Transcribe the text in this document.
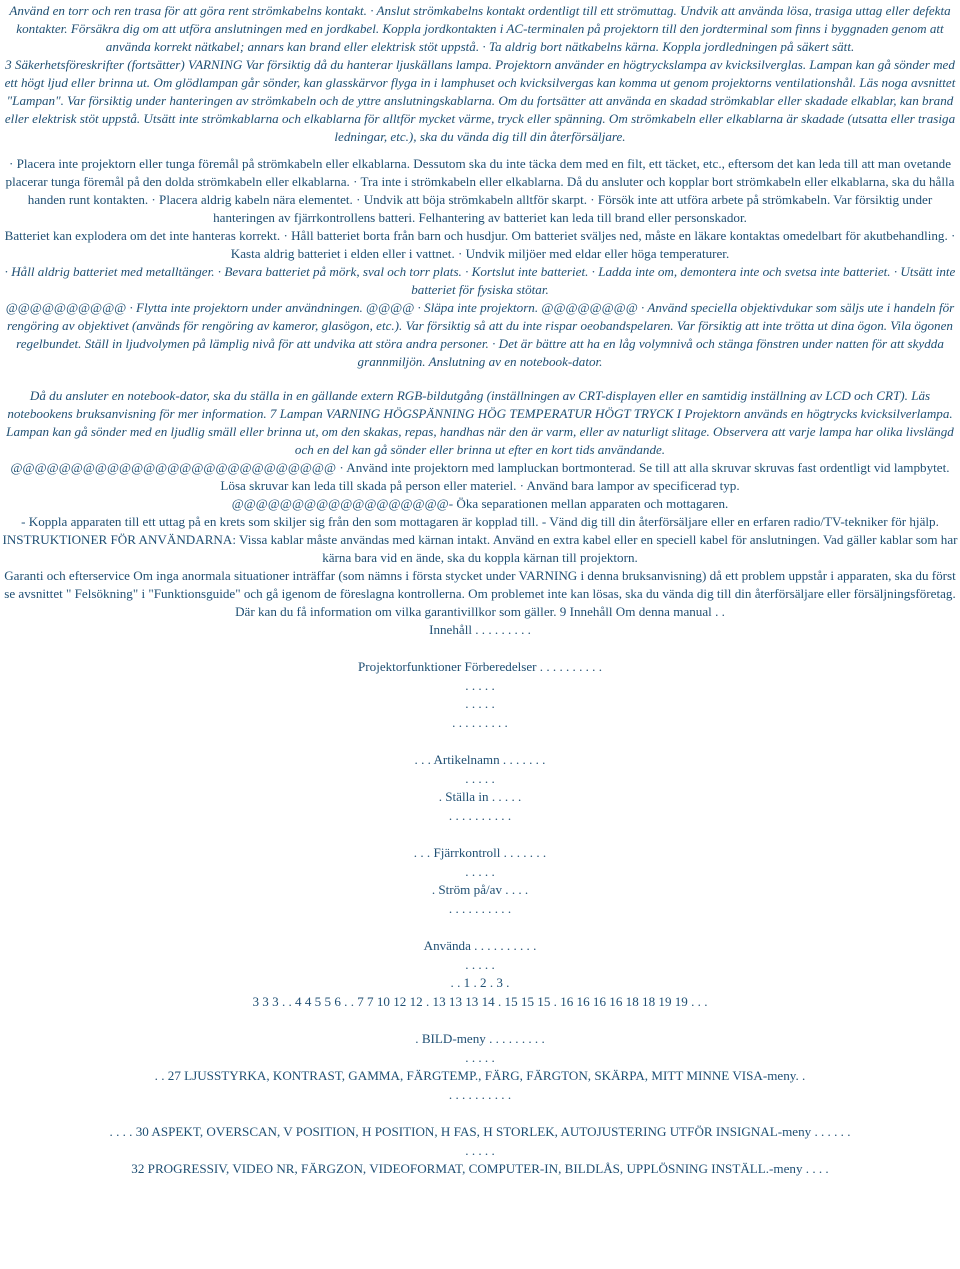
Använd en torr och ren trasa för att göra rent strömkabelns kontakt. · Anslut strömkabelns kontakt ordentligt till ett strömuttag. Undvik att använda lösa, trasiga uttag eller defekta kontakter. Försäkra dig om att utföra anslutningen med en jordkabel. Koppla jordkontakten i AC-terminalen på projektorn till den jordterminal som finns i byggnaden genom att använda korrekt nätkabel; annars kan brand eller elektrisk stöt uppstå. · Ta aldrig bort nätkabelns kärna. Koppla jordledningen på säkert sätt.

3 Säkerhetsföreskrifter (fortsätter) VARNING Var försiktig då du hanterar ljuskällans lampa. Projektorn använder en högtryckslampa av kvicksilverglas. Lampan kan gå sönder med ett högt ljud eller brinna ut. Om glödlampan går sönder, kan glasskärvor flyga in i lamphuset och kvicksilvergas kan komma ut genom projektorns ventilationshål. Läs noga avsnittet "Lampan". Var försiktig under hanteringen av strömkabeln och de yttre anslutningskablarna. Om du fortsätter att använda en skadad strömkablar eller skadade elkablar, kan brand eller elektrisk stöt uppstå. Utsätt inte strömkablarna och elkablarna för alltför mycket värme, tryck eller spänning. Om strömkabeln eller elkablarna är skadade (utsatta eller trasiga ledningar, etc.), ska du vända dig till din återförsäljare.

· Placera inte projektorn eller tunga föremål på strömkabeln eller elkablarna. Dessutom ska du inte täcka dem med en filt, ett täcket, etc., eftersom det kan leda till att man ovetande placerar tunga föremål på den dolda strömkabeln eller elkablarna. · Tra inte i strömkabeln eller elkablarna. Då du ansluter och kopplar bort strömkabeln eller elkablarna, ska du hålla handen runt kontakten. · Placera aldrig kabeln nära elementet. · Undvik att böja strömkabeln alltför skarpt. · Försök inte att utföra arbete på strömkabeln. Var försiktig under hanteringen av fjärrkontrollens batteri. Felhantering av batteriet kan leda till brand eller personskador.

Batteriet kan explodera om det inte hanteras korrekt. · Håll batteriet borta från barn och husdjur. Om batteriet sväljes ned, måste en läkare kontaktas omedelbart för akutbehandling. · Kasta aldrig batteriet i elden eller i vattnet. · Undvik miljöer med eldar eller höga temperaturer.

· Håll aldrig batteriet med metalltänger. · Bevara batteriet på mörk, sval och torr plats. · Kortslut inte batteriet. · Ladda inte om, demontera inte och svetsa inte batteriet. · Utsätt inte batteriet för fysiska stötar.

@@@@@@@@@@ · Flytta inte projektorn under användningen. @@@@ · Släpa inte projektorn. @@@@@@@@ · Använd speciella objektivdukar som säljs ute i handeln för rengöring av objektivet (används för rengöring av kameror, glasögon, etc.). Var försiktig så att du inte rispar oeobandspelaren. Var försiktig att inte trötta ut dina ögon. Vila ögonen regelbundet. Ställ in ljudvolymen på lämplig nivå för att undvika att störa andra personer. · Det är bättre att ha en låg volymnivå och stänga fönstren under natten för att skydda grannmiljön. Anslutning av en notebook-dator.

Då du ansluter en notebook-dator, ska du ställa in en gällande extern RGB-bildutgång (inställningen av CRT-displayen eller en samtidig inställning av LCD och CRT). Läs notebookens bruksanvisning för mer information. 7 Lampan VARNING HÖGSPÄNNING HÖG TEMPERATUR HÖGT TRYCK I Projektorn används en högtrycks kvicksilverlampa. Lampan kan gå sönder med en ljudlig smäll eller brinna ut, om den skakas, repas, handhas när den är varm, eller av naturligt slitage. Observera att varje lampa har olika livslängd och en del kan gå sönder eller brinna ut efter en kort tids användande.

@@@@@@@@@@@@@@@@@@@@@@@@@@@ · Använd inte projektorn med lampluckan bortmonterad. Se till att alla skruvar skruvas fast ordentligt vid lampbytet. Lösa skruvar kan leda till skada på person eller materiel. · Använd bara lampor av specificerad typ.

@@@@@@@@@@@@@@@@@@- Öka separationen mellan apparaten och mottagaren.

- Koppla apparaten till ett uttag på en krets som skiljer sig från den som mottagaren är kopplad till. - Vänd dig till din återförsäljare eller en erfaren radio/TV-tekniker för hjälp. INSTRUKTIONER FÖR ANVÄNDARNA: Vissa kablar måste användas med kärnan intakt. Använd en extra kabel eller en speciell kabel för anslutningen. Vad gäller kablar som har kärna bara vid en ände, ska du koppla kärnan till projektorn.

Garanti och efterservice Om inga anormala situationer inträffar (som nämns i första stycket under VARNING i denna bruksanvisning) då ett problem uppstår i apparaten, ska du först se avsnittet " Felsökning" i "Funktionsguide" och gå igenom de föreslagna kontrollerna. Om problemet inte kan lösas, ska du vända dig till din återförsäljare eller försäljningsföretag. Där kan du få information om vilka garantivillkor som gäller. 9 Innehåll Om denna manual . .

Innehåll . . . . . . . . .

Projektorfunktioner Förberedelser . . . . . . . . . .

. . . . .

. . . . .

. . . . . . . . .

. . . Artikelnamn . . . . . . .

. . . . .

. Ställa in . . . . .

. . . . . . . . . .

. . . Fjärrkontroll . . . . . . .

. . . . .

. Ström på/av . . . .

. . . . . . . . . .

Använda . . . . . . . . . .

. . . . .

. . 1 . 2 . 3 .

3 3 3 . . 4 4 5 5 6 . . 7 7 10 12 12 . 13 13 13 14 . 15 15 15 . 16 16 16 16 18 18 19 19 . . .

. BILD-meny . . . . . . . . .

. . . . .

. . 27 LJUSSTYRKA, KONTRAST, GAMMA, FÄRGTEMP., FÄRG, FÄRGTON, SKÄRPA, MITT MINNE VISA-meny. .

. . . . . . . . . .

. . . . 30 ASPEKT, OVERSCAN, V POSITION, H POSITION, H FAS, H STORLEK, AUTOJUSTERING UTFÖR INSIGNAL-meny . . . . . .

. . . . .

32 PROGRESSIV, VIDEO NR, FÄRGZON, VIDEOFORMAT, COMPUTER-IN, BILDLÅS, UPPLÖSNING INSTÄLL.-meny . . . .
